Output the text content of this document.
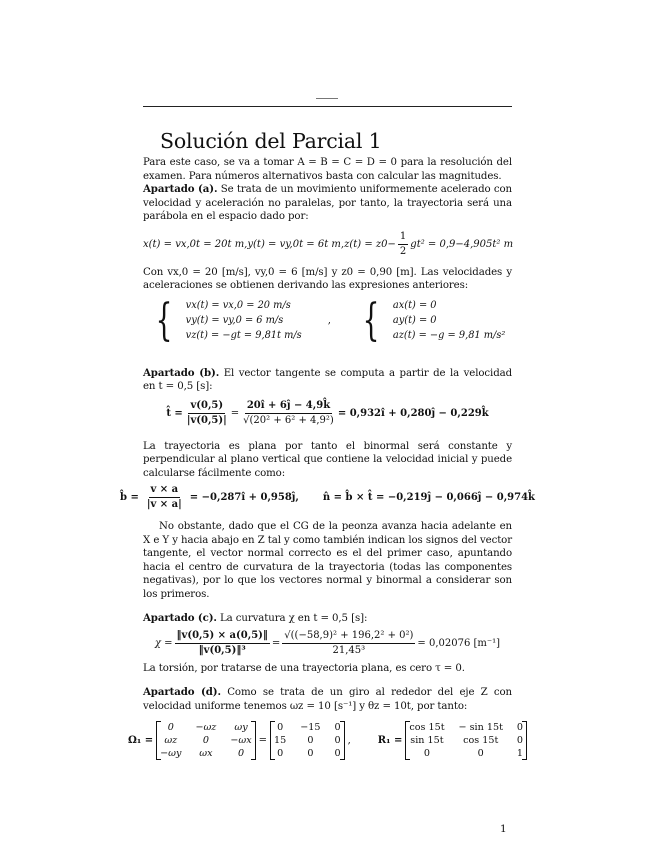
Solución del Parcial 1

Para este caso, se va a tomar A = B = C = D = 0 para la resolución del examen. Para números alternativos basta con calcular las magnitudes.

Apartado (a). Se trata de un movimiento uniformemente acelerado con velocidad y aceleración no paralelas, por tanto, la trayectoria será una parábola en el espacio dado por:

x(t) = vx,0t = 20t m, y(t) = vy,0t = 6t m, $z(t) = z0- \frac{1}{2} gt^2 = 0,9-4,905t^2$ m

Con vx,0 = 20 [m/s], vy,0 = 6 [m/s] y z0 = 0,90 [m]. Las velocidades y aceleraciones se obtienen derivando las expresiones anteriores:

{ vx(t) = vx,0 = 20 m/s
vy(t) = vy,0 = 6 m/s
vz(t) = −gt = 9,81t m/s
, { ax(t) = 0
ay(t) = 0
az(t) = −g = 9,81 m/s²

Apartado (b). El vector tangente se computa a partir de la velocidad en t = 0,5 [s]:

t̂ = $\frac{v(0,5)}{|v(0,5)|} = \frac{20î + 6ĵ - 4,9k̂}{\text{√(20² + 6² + 4,9²)}}$ = 0,932î + 0,280ĵ − 0,229k̂

La trayectoria es plana por tanto el binormal será constante y perpendicular al plano vertical que contiene la velocidad inicial y puede calcularse fácilmente como:

b̂ = $\frac{v \times a}{|v \times a|}$ = −0,287î + 0,958ĵ, n̂ = b̂ × t̂ = −0,219ĵ − 0,066ĵ − 0,974k̂

No obstante, dado que el CG de la peonza avanza hacia adelante en X e Y y hacia abajo en Z tal y como también indican los signos del vector tangente, el vector normal correcto es el del primer caso, apuntando hacia el centro de curvatura de la trayectoria (todas las componentes negativas), por lo que los vectores normal y binormal a considerar son los primeros.

Apartado (c). La curvatura χ en t = 0,5 [s]:

$\chi = \frac{‖v(0,5) \times a(0,5)‖}{\text{‖v(0,5)‖³}} = \frac{\text{√((−58,9)² + 196,2² + 0²)}}{\text{21,45³}} = 0,02076$ [m⁻¹]

La torsión, por tratarse de una trayectoria plana, es cero τ = 0.

Apartado (d). Como se trata de un giro al rededor del eje Z con velocidad uniforme tenemos ωz = 10 [s⁻¹] y θz = 10t, por tanto:

Ω₁ =
0	−ωz	ωy
ωz	0	−ωx
−ωy	ωx	0
=
0	−15 0
15	0	0
0	0	0
,	R₁ =
cos 15t − sin 15t 0
sin 15t	cos 15t	0
0	0	1
1
